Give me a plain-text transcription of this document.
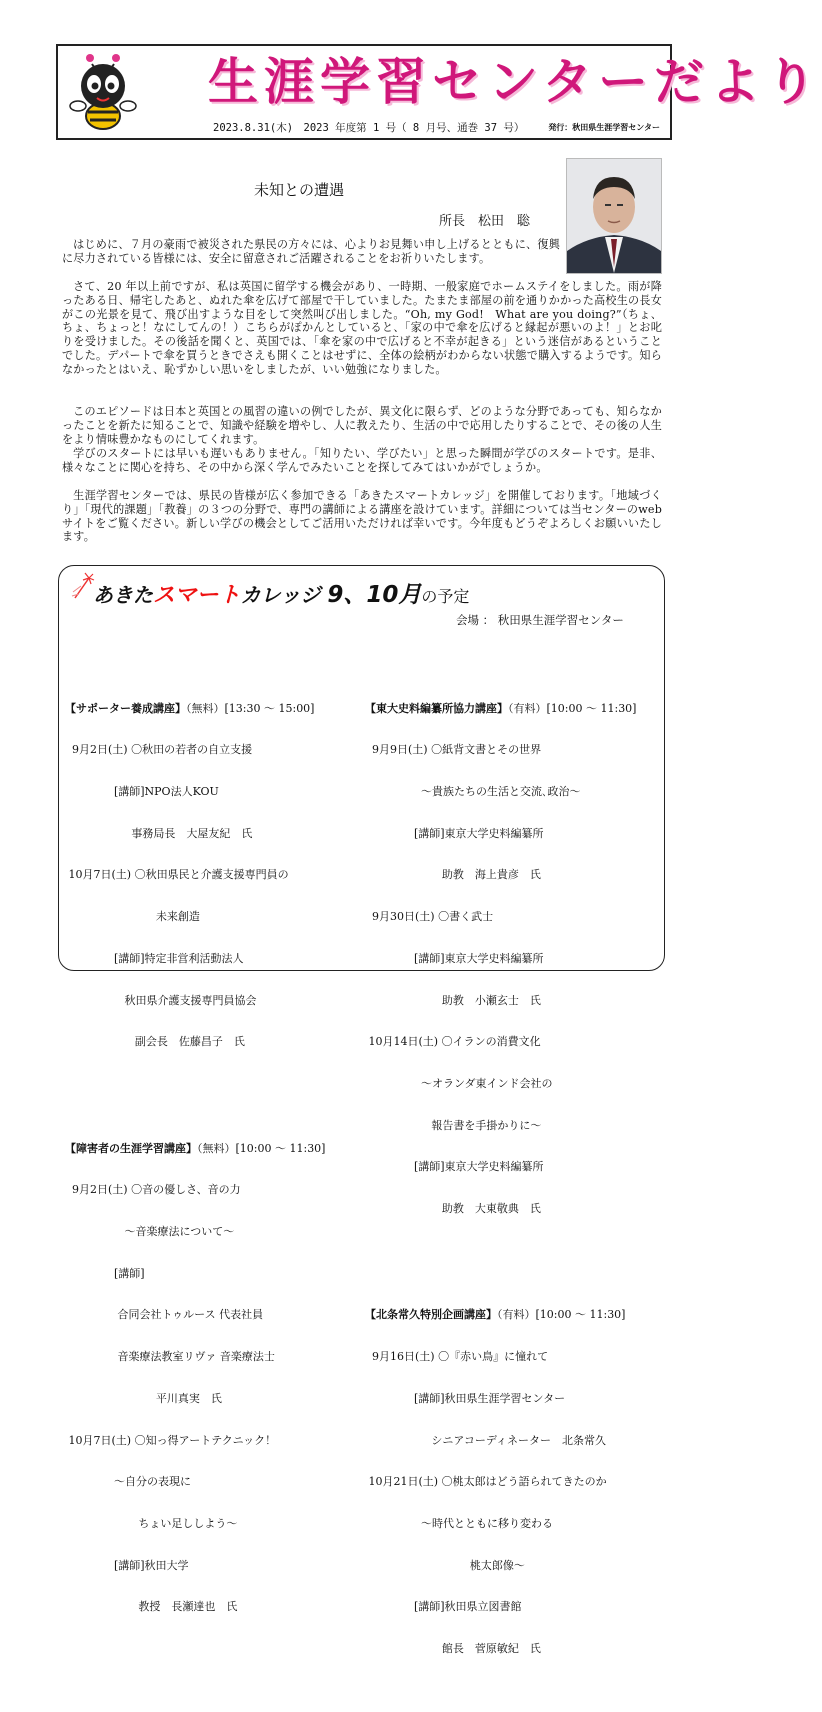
生涯学習センターだより
2023.8.31(木)　2023 年度第 1 号（ 8 月号、通巻 37 号）	発行：秋田県生涯学習センター
未知との遭遇
所長　松田　聡
はじめに、７月の豪雨で被災された県民の方々には、心よりお見舞い申し上げるとともに、復興に尽力されている皆様には、安全に留意されご活躍されることをお祈りいたします。
さて、20 年以上前ですが、私は英国に留学する機会があり、一時期、一般家庭でホームステイをしました。雨が降ったある日、帰宅したあと、ぬれた傘を広げて部屋で干していました。たまたま部屋の前を通りかかった高校生の長女がこの光景を見て、飛び出すような目をして突然叫び出しました。“Oh, my God!　What are you doing?”（ちょ、ちょ、ちょっと！なにしてんの！）こちらがぽかんとしていると、「家の中で傘を広げると縁起が悪いのよ！」とお叱りを受けました。その後話を聞くと、英国では、「傘を家の中で広げると不幸が起きる」という迷信があるということでした。デパートで傘を買うときでさえも開くことはせずに、全体の絵柄がわからない状態で購入するようです。知らなかったとはいえ、恥ずかしい思いをしましたが、いい勉強になりました。
このエピソードは日本と英国との風習の違いの例でしたが、異文化に限らず、どのような分野であっても、知らなかったことを新たに知ることで、知識や経験を増やし、人に教えたり、生活の中で応用したりすることで、その後の人生をより情味豊かなものにしてくれます。
学びのスタートには早いも遅いもありません。「知りたい、学びたい」と思った瞬間が学びのスタートです。是非、様々なことに関心を持ち、その中から深く学んでみたいことを探してみてはいかがでしょうか。
生涯学習センターでは、県民の皆様が広く参加できる「あきたスマートカレッジ」を開催しております。「地域づくり」「現代的課題」「教養」の３つの分野で、専門の講師による講座を設けています。詳細については当センターのwebサイトをご覧ください。新しい学びの機会としてご活用いただければ幸いです。今年度もどうぞよろしくお願いいたします。
あきたスマートカレッジ 9、10月の予定
会場 ： 秋田県生涯学習センター

【サポーター養成講座】（無料）[13:30 ～ 15:00]

9月2日(土) 〇秋田の若者の自立支援

[講師]NPO法人KOU

事務局長　大屋友紀　氏

10月7日(土) 〇秋田県民と介護支援専門員の

未来創造

[講師]特定非営利活動法人

秋田県介護支援専門員協会

副会長　佐藤昌子　氏

【障害者の生涯学習講座】（無料）[10:00 ～ 11:30]

9月2日(土) 〇音の優しさ、音の力

～音楽療法について～

[講師]

合同会社トゥルース 代表社員

音楽療法教室リヴァ 音楽療法士

平川真実　氏

10月7日(土) 〇知っ得アートテクニック！

～自分の表現に

ちょい足ししよう～

[講師]秋田大学

教授　長瀬達也　氏

【東大史料編纂所協力講座】（有料）[10:00 ～ 11:30]

9月9日(土) 〇紙背文書とその世界

～貴族たちの生活と交流､政治～

[講師]東京大学史料編纂所

助教　海上貴彦　氏

9月30日(土) 〇書く武士

[講師]東京大学史料編纂所

助教　小瀬玄士　氏

10月14日(土) 〇イランの消費文化

～オランダ東インド会社の

報告書を手掛かりに～

[講師]東京大学史料編纂所

助教　大東敬典　氏

【北条常久特別企画講座】（有料）[10:00 ～ 11:30]

9月16日(土) 〇『赤い鳥』に憧れて

[講師]秋田県生涯学習センター

シニアコーディネーター　北条常久

10月21日(土) 〇桃太郎はどう語られてきたのか

～時代とともに移り変わる

桃太郎像～

[講師]秋田県立図書館

館長　菅原敏紀　氏
